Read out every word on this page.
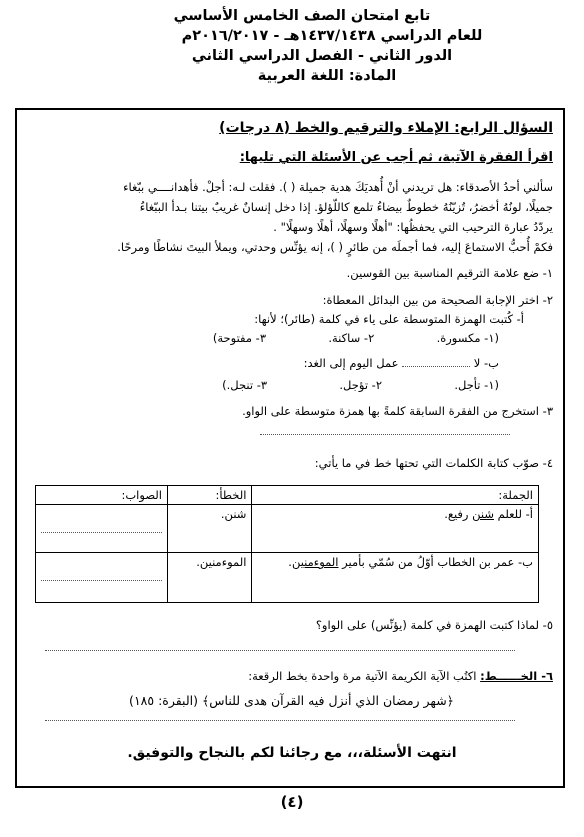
تابع امتحان الصف الخامس الأساسي
للعام الدراسي ١٤٣٧/١٤٣٨هـ - ٢٠١٦/٢٠١٧م
الدور الثاني - الفصل الدراسي الثاني
المادة: اللغة العربية
السؤال الرابع: الإملاء والترقيم والخط (٨ درجات)
اقرأ الفقرة الآتية، ثم أجب عن الأسئلة التي تليها:
سألني أحدُ الأصدقاء: هل تريدني أنْ أُهديَكَ هدية جميلة ( ). فقلت لـه: أجلْ. فأهدانــــي ببّغاء
جميلًا، لونُهُ أخضرُ، تُزيّنُهُ خطوطٌ بيضاءُ تلمع كاللّؤلؤ. إذا دخل إنسانٌ غريبٌ بيتنا بـدأ الببّغاءُ
يردّدُ عبارة الترحيب التي يحفظُها: "أهلًا وسهلًا، أهلًا وسهلًا" .
فكمْ أُحبُّ الاستماعَ إليه، فما أجملَه من طائرٍ ( )، إنه يؤنِّس وحدتي، ويملأ البيتَ نشاطًا ومرحًا.
١- ضع علامة الترقيم المناسبة بين القوسين.
٢- اختر الإجابة الصحيحة من بين البدائل المعطاة:
أ- كُتبت الهمزة المتوسطة على ياء في كلمة (طائر)؛ لأنها:
(١- مكسورة.  ٢- ساكنة.  ٣- مفتوحة)
ب- لا  عمل اليوم إلى الغد:
(١- تأجل.  ٢- تؤجل.  ٣- تنجل.)
٣- استخرج من الفقرة السابقة كلمةً بها همزة متوسطة على الواو.
٤- صوّب كتابة الكلمات التي تحتها خط في ما يأتي:
الجملة:	الخطأ:	الصواب:
أ- للعلم شنن رفيع.	شنن.	

ب- عمر بن الخطاب أوّلُ من سُمّي بأمير الموءمنين.	الموءمنين.	
٥- لماذا كتبت الهمزة في كلمة (يؤنِّس) على الواو؟
٦- الخــــــط: اكتُب الآية الكريمة الآتية مرة واحدة بخط الرقعة:
﴿شهر رمضان الذي أنزل فيه القرآن هدى للناس﴾ (البقرة: ١٨٥)
انتهت الأسئلة،،، مع رجائنا لكم بالنجاح والتوفيق.
(٤)
